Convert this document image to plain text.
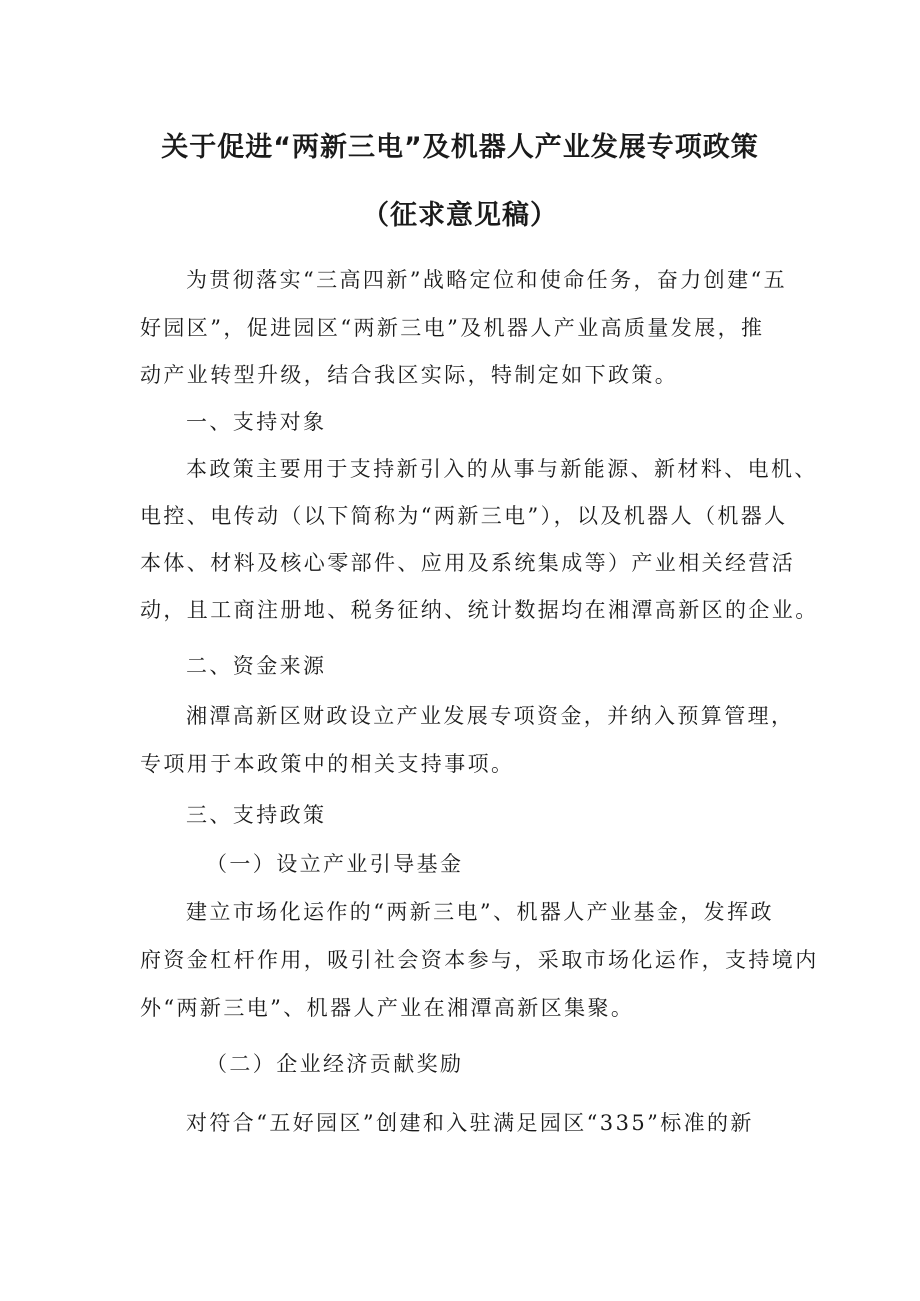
关于促进“两新三电”及机器人产业发展专项政策
（征求意见稿）
为贯彻落实“三高四新”战略定位和使命任务，奋力创建“五
好园区”，促进园区“两新三电”及机器人产业高质量发展，推
动产业转型升级，结合我区实际，特制定如下政策。
一、支持对象
本政策主要用于支持新引入的从事与新能源、新材料、电机、
电控、电传动（以下简称为“两新三电”），以及机器人（机器人
本体、材料及核心零部件、应用及系统集成等）产业相关经营活
动，且工商注册地、税务征纳、统计数据均在湘潭高新区的企业。
二、资金来源
湘潭高新区财政设立产业发展专项资金，并纳入预算管理，
专项用于本政策中的相关支持事项。
三、支持政策
（一）设立产业引导基金
建立市场化运作的“两新三电”、机器人产业基金，发挥政
府资金杠杆作用，吸引社会资本参与，采取市场化运作，支持境内
外“两新三电”、机器人产业在湘潭高新区集聚。
（二）企业经济贡献奖励
对符合“五好园区”创建和入驻满足园区“335”标准的新
